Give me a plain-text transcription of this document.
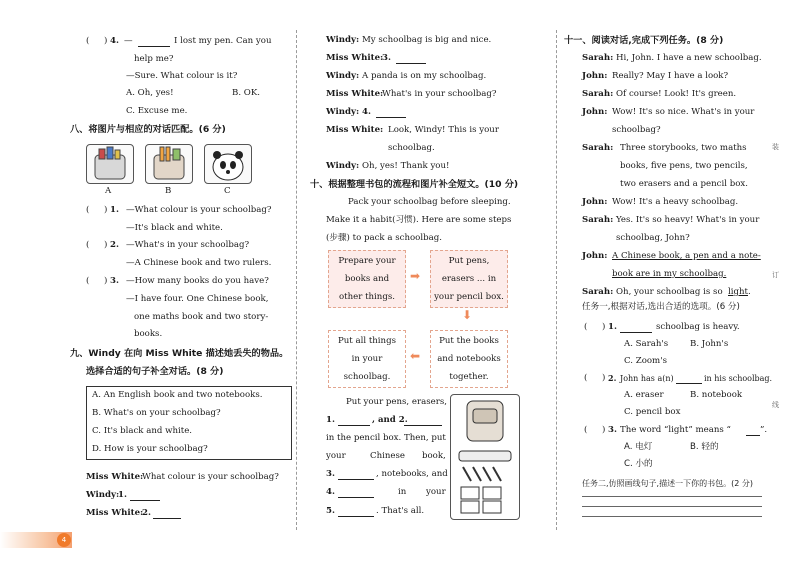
( ) 4. —	I lost my pen. Can you
help me?
—Sure. What colour is it?
A. Oh, yes!	B. OK.
C. Excuse me.
八、将图片与相应的对话匹配。(6 分)
A	B	C
( ) 1. —What colour is your schoolbag?
—It's black and white.
( ) 2. —What's in your schoolbag?
—A Chinese book and two rulers.
( ) 3. —How many books do you have?
—I have four. One Chinese book,
one maths book and two story-
books.
九、Windy 在向 Miss White 描述她丢失的物品。
选择合适的句子补全对话。(8 分)
A. An English book and two notebooks.
B. What's on your schoolbag?
C. It's black and white.
D. How is your schoolbag?
Miss White:
What colour is your schoolbag?
Windy:
1.
Miss White:
2.
Windy: My schoolbag is big and nice.
Miss White:
3.
Windy: A panda is on my schoolbag.
Miss White:
What's in your schoolbag?
Windy: 4.
Miss White: Look, Windy! This is your
schoolbag.
Windy: Oh, yes! Thank you!
十、根据整理书包的流程和图片补全短文。(10 分)
Pack your schoolbag before sleeping.
Make it a habit(习惯). Here are some steps
(步骤) to pack a schoolbag.
Prepare your
books and
other things.
➡
Put pens,
erasers ... in
your pencil box.
⬇
Put all things
in your
schoolbag.
⬅
Put the books
and notebooks
together.
Put your pens, erasers,
1.	, and 2.
in the pencil box. Then, put
your	Chinese book,
3.	, notebooks, and
4.	in your
5.	. That's all.
十一、阅读对话,完成下列任务。(8 分)
Sarah: Hi, John. I have a new schoolbag.
John: Really? May I have a look?
Sarah: Of course! Look! It's green.
John: Wow! It's so nice. What's in your
schoolbag?
Sarah: Three storybooks, two maths
books, five pens, two pencils,
two erasers and a pencil box.
John: Wow! It's a heavy schoolbag.
Sarah: Yes. It's so heavy! What's in your
schoolbag, John?
John: A Chinese book, a pen and a note-
book are in my schoolbag.
Sarah: Oh, your schoolbag is so light .
任务一,根据对话,选出合适的选项。(6 分)
( ) 1.	schoolbag is heavy.
A. Sarah's	B. John's
C. Zoom's
( ) 2. John has a(n)	in his schoolbag.
A. eraser	B. notebook
C. pencil box
( ) 3. The word “light” means “	”.
A. 电灯	B. 轻的
C. 小的
任务二,仿照画线句子,描述一下你的书包。(2 分)
装
订
线
4
